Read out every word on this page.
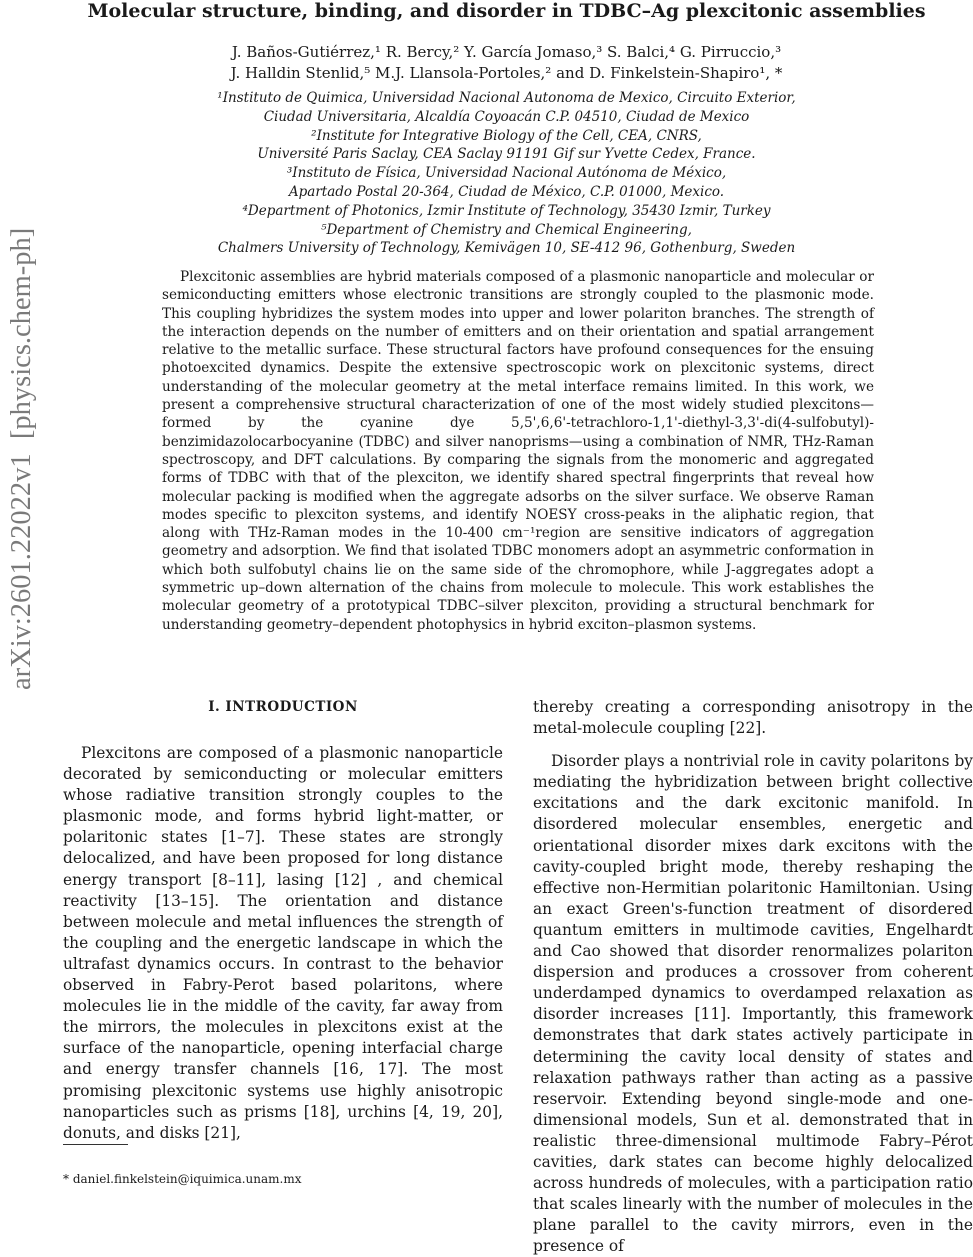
arXiv:2601.22022v1  [physics.chem-ph]  29 Jan 2026
Molecular structure, binding, and disorder in TDBC–Ag plexcitonic assemblies
J. Baños-Gutiérrez,¹ R. Bercy,² Y. García Jomaso,³ S. Balci,⁴ G. Pirruccio,³
J. Halldin Stenlid,⁵ M.J. Llansola-Portoles,² and D. Finkelstein-Shapiro¹, *
¹Instituto de Quimica, Universidad Nacional Autonoma de Mexico, Circuito Exterior,
Ciudad Universitaria, Alcaldía Coyoacán C.P. 04510, Ciudad de Mexico
²Institute for Integrative Biology of the Cell, CEA, CNRS,
Université Paris Saclay, CEA Saclay 91191 Gif sur Yvette Cedex, France.
³Instituto de Física, Universidad Nacional Autónoma de México,
Apartado Postal 20-364, Ciudad de México, C.P. 01000, Mexico.
⁴Department of Photonics, Izmir Institute of Technology, 35430 Izmir, Turkey
⁵Department of Chemistry and Chemical Engineering,
Chalmers University of Technology, Kemivägen 10, SE-412 96, Gothenburg, Sweden

Plexcitonic assemblies are hybrid materials composed of a plasmonic nanoparticle and molecular or semiconducting emitters whose electronic transitions are strongly coupled to the plasmonic mode. This coupling hybridizes the system modes into upper and lower polariton branches. The strength of the interaction depends on the number of emitters and on their orientation and spatial arrangement relative to the metallic surface. These structural factors have profound consequences for the ensuing photoexcited dynamics. Despite the extensive spectroscopic work on plexcitonic systems, direct understanding of the molecular geometry at the metal interface remains limited. In this work, we present a comprehensive structural characterization of one of the most widely studied plexcitons—formed by the cyanine dye 5,5',6,6'-tetrachloro-1,1'-diethyl-3,3'-di(4-sulfobutyl)-benzimidazolocarbocyanine (TDBC) and silver nanoprisms—using a combination of NMR, THz-Raman spectroscopy, and DFT calculations. By comparing the signals from the monomeric and aggregated forms of TDBC with that of the plexciton, we identify shared spectral fingerprints that reveal how molecular packing is modified when the aggregate adsorbs on the silver surface. We observe Raman modes specific to plexciton systems, and identify NOESY cross-peaks in the aliphatic region, that along with THz-Raman modes in the 10-400 cm⁻¹region are sensitive indicators of aggregation geometry and adsorption. We find that isolated TDBC monomers adopt an asymmetric conformation in which both sulfobutyl chains lie on the same side of the chromophore, while J-aggregates adopt a symmetric up–down alternation of the chains from molecule to molecule. This work establishes the molecular geometry of a prototypical TDBC–silver plexciton, providing a structural benchmark for understanding geometry–dependent photophysics in hybrid exciton–plasmon systems.

I. INTRODUCTION

Plexcitons are composed of a plasmonic nanoparticle decorated by semiconducting or molecular emitters whose radiative transition strongly couples to the plasmonic mode, and forms hybrid light-matter, or polaritonic states [1–7]. These states are strongly delocalized, and have been proposed for long distance energy transport [8–11], lasing [12] , and chemical reactivity [13–15]. The orientation and distance between molecule and metal influences the strength of the coupling and the energetic landscape in which the ultrafast dynamics occurs. In contrast to the behavior observed in Fabry-Perot based polaritons, where molecules lie in the middle of the cavity, far away from the mirrors, the molecules in plexcitons exist at the surface of the nanoparticle, opening interfacial charge and energy transfer channels [16, 17]. The most promising plexcitonic systems use highly anisotropic nanoparticles such as prisms [18], urchins [4, 19, 20], donuts, and disks [21],

thereby creating a corresponding anisotropy in the metal-molecule coupling [22].

Disorder plays a nontrivial role in cavity polaritons by mediating the hybridization between bright collective excitations and the dark excitonic manifold. In disordered molecular ensembles, energetic and orientational disorder mixes dark excitons with the cavity-coupled bright mode, thereby reshaping the effective non-Hermitian polaritonic Hamiltonian. Using an exact Green's-function treatment of disordered quantum emitters in multimode cavities, Engelhardt and Cao showed that disorder renormalizes polariton dispersion and produces a crossover from coherent underdamped dynamics to overdamped relaxation as disorder increases [11]. Importantly, this framework demonstrates that dark states actively participate in determining the cavity local density of states and relaxation pathways rather than acting as a passive reservoir. Extending beyond single-mode and one-dimensional models, Sun et al. demonstrated that in realistic three-dimensional multimode Fabry–Pérot cavities, dark states can become highly delocalized across hundreds of molecules, with a participation ratio that scales linearly with the number of molecules in the plane parallel to the cavity mirrors, even in the presence of

* daniel.finkelstein@iquimica.unam.mx
